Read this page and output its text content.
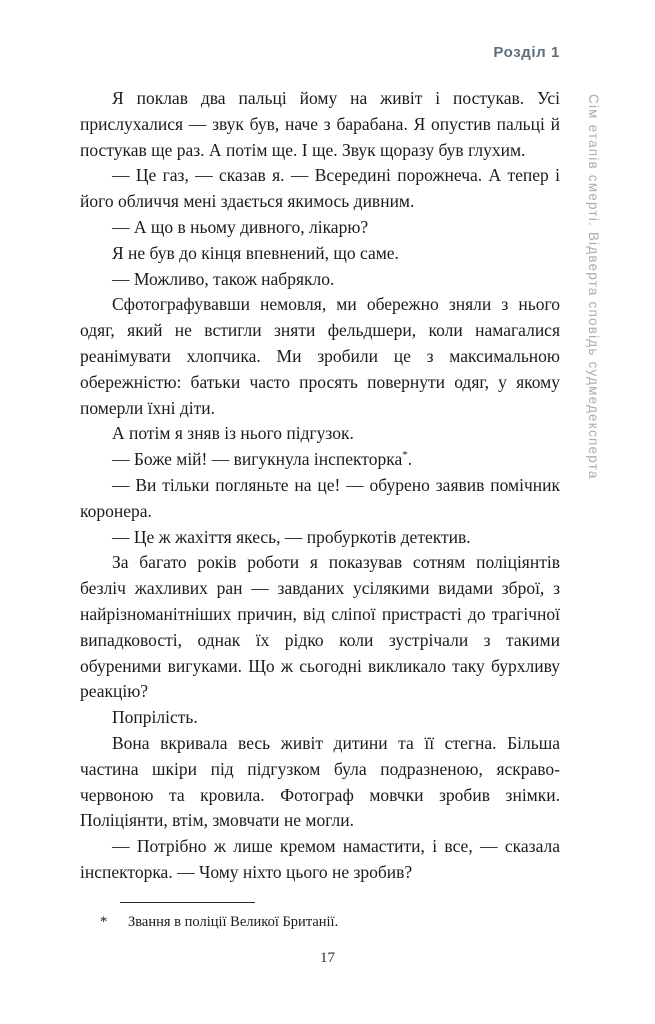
Розділ 1
Сім етапів смерті. Відверта сповідь судмедексперта

Я поклав два пальці йому на живіт і постукав. Усі прислухалися — звук був, наче з барабана. Я опустив пальці й постукав ще раз. А потім ще. І ще. Звук щоразу був глухим.

— Це газ, — сказав я. — Всередині порожнеча. А тепер і його обличчя мені здається якимось дивним.

— А що в ньому дивного, лікарю?

Я не був до кінця впевнений, що саме.

— Можливо, також набрякло.

Сфотографувавши немовля, ми обережно зняли з нього одяг, який не встигли зняти фельдшери, коли намагалися реанімувати хлопчика. Ми зробили це з максимальною обережністю: батьки часто просять повернути одяг, у якому померли їхні діти.

А потім я зняв із нього підгузок.

— Боже мій! — вигукнула інспекторка*.

— Ви тільки погляньте на це! — обурено заявив помічник коронера.

— Це ж жахіття якесь, — пробуркотів детектив.

За багато років роботи я показував сотням поліціянтів безліч жахливих ран — завданих усілякими видами зброї, з найрізноманітніших причин, від сліпої пристрасті до трагічної випадковості, однак їх рідко коли зустрічали з такими обуреними вигуками. Що ж сьогодні викликало таку бурхливу реакцію?

Попрілість.

Вона вкривала весь живіт дитини та її стегна. Більша частина шкіри під підгузком була подразненою, яскраво-червоною та кровила. Фотограф мовчки зробив знімки. Поліціянти, втім, змовчати не могли.

— Потрібно ж лише кремом намастити, і все, — сказала інспекторка. — Чому ніхто цього не зробив?

*	Звання в поліції Великої Британії.
17
